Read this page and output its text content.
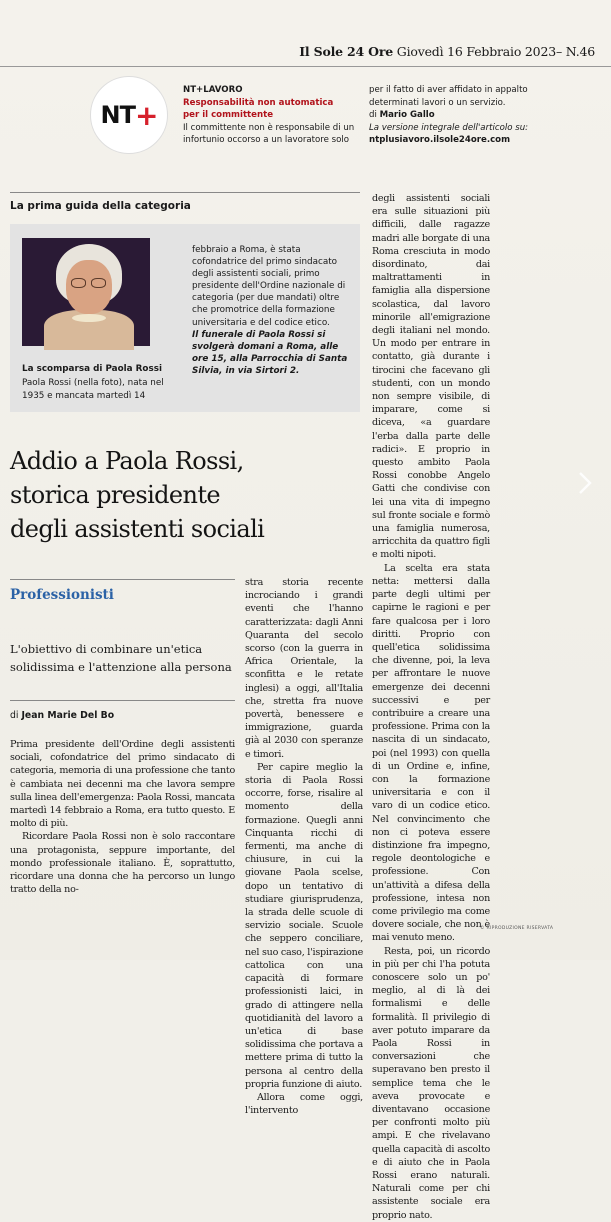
Il Sole 24 Ore Giovedì 16 Febbraio 2023– N.46
NT +
NT+LAVORO
Responsabilità non automatica
per il committente
Il committente non è responsabile di un infortunio occorso a un lavoratore solo
per il fatto di aver affidato in appalto determinati lavori o un servizio.
di Mario Gallo
La versione integrale dell'articolo su:
ntplusiavoro.ilsole24ore.com
La prima guida della categoria
La scomparsa di Paola Rossi
Paola Rossi (nella foto), nata nel 1935 e mancata martedì 14
febbraio a Roma, è stata cofondatrice del primo sindacato degli assistenti sociali, primo presidente dell'Ordine nazionale di categoria (per due mandati) oltre che promotrice della formazione universitaria e del codice etico.
Il funerale di Paola Rossi si svolgerà domani a Roma, alle ore 15, alla Parrocchia di Santa Silvia, in via Sirtori 2.
Addio a Paola Rossi,
storica presidente
degli assistenti sociali
Professionisti
L'obiettivo di combinare un'etica solidissima e l'attenzione alla persona
di Jean Marie Del Bo

Prima presidente dell'Ordine degli assistenti sociali, cofondatrice del primo sindacato di categoria, memoria di una professione che tanto è cambiata nei decenni ma che lavora sempre sulla linea dell'emergenza: Paola Rossi, mancata martedì 14 febbraio a Roma, era tutto questo. E molto di più.

Ricordare Paola Rossi non è solo raccontare una protagonista, seppure importante, del mondo professionale italiano. È, soprattutto, ricordare una donna che ha percorso un lungo tratto della no-

stra storia recente incrociando i grandi eventi che l'hanno caratterizzata: dagli Anni Quaranta del secolo scorso (con la guerra in Africa Orientale, la sconfitta e le retate inglesi) a oggi, all'Italia che, stretta fra nuove povertà, benessere e immigrazione, guarda già al 2030 con speranze e timori.

Per capire meglio la storia di Paola Rossi occorre, forse, risalire al momento della formazione. Quegli anni Cinquanta ricchi di fermenti, ma anche di chiusure, in cui la giovane Paola scelse, dopo un tentativo di studiare giurisprudenza, la strada delle scuole di servizio sociale. Scuole che seppero conciliare, nel suo caso, l'ispirazione cattolica con una capacità di formare professionisti laici, in grado di attingere nella quotidianità del lavoro a un'etica di base solidissima che portava a mettere prima di tutto la persona al centro della propria funzione di aiuto.

Allora come oggi, l'intervento

degli assistenti sociali era sulle situazioni più difficili, dalle ragazze madri alle borgate di una Roma cresciuta in modo disordinato, dai maltrattamenti in famiglia alla dispersione scolastica, dal lavoro minorile all'emigrazione degli italiani nel mondo. Un modo per entrare in contatto, già durante i tirocini che facevano gli studenti, con un mondo non sempre visibile, di imparare, come si diceva, «a guardare l'erba dalla parte delle radici». E proprio in questo ambito Paola Rossi conobbe Angelo Gatti che condivise con lei una vita di impegno sul fronte sociale e formò una famiglia numerosa, arricchita da quattro figli e molti nipoti.

La scelta era stata netta: mettersi dalla parte degli ultimi per capirne le ragioni e per fare qualcosa per i loro diritti. Proprio con quell'etica solidissima che divenne, poi, la leva per affrontare le nuove emergenze dei decenni successivi e per contribuire a creare una professione. Prima con la nascita di un sindacato, poi (nel 1993) con quella di un Ordine e, infine, con la formazione universitaria e con il varo di un codice etico. Nel convincimento che non ci poteva essere distinzione fra impegno, regole deontologiche e professione. Con un'attività a difesa della professione, intesa non come privilegio ma come dovere sociale, che non è mai venuto meno.

Resta, poi, un ricordo in più per chi l'ha potuta conoscere solo un po' meglio, al di là dei formalismi e delle formalità. Il privilegio di aver potuto imparare da Paola Rossi in conversazioni che superavano ben presto il semplice tema che le aveva provocate e diventavano occasione per confronti molto più ampi. E che rivelavano quella capacità di ascolto e di aiuto che in Paola Rossi erano naturali. Naturali come per chi assistente sociale era proprio nato.

© RIPRODUZIONE RISERVATA
